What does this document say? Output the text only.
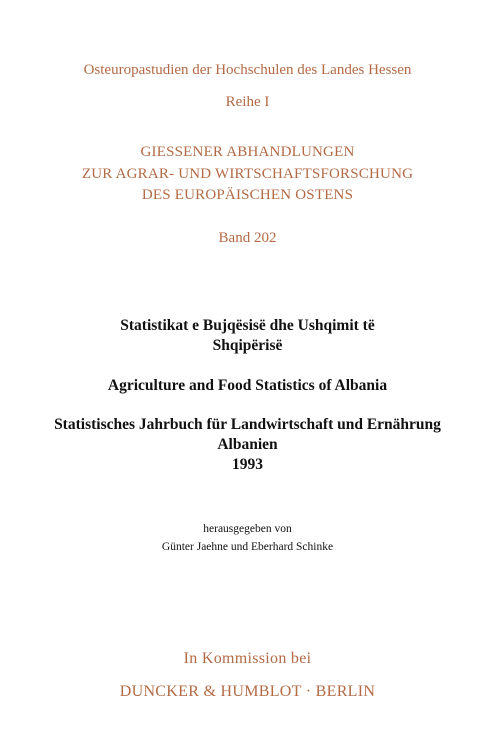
Osteuropastudien der Hochschulen des Landes Hessen
Reihe I
GIESSENER ABHANDLUNGEN
ZUR AGRAR- UND WIRTSCHAFTSFORSCHUNG
DES EUROPÄISCHEN OSTENS
Band 202
Statistikat e Bujqësisë dhe Ushqimit të
Shqipërisë
Agriculture and Food Statistics of Albania
Statistisches Jahrbuch für Landwirtschaft und Ernährung
Albanien
1993
herausgegeben von
Günter Jaehne und Eberhard Schinke
In Kommission bei
DUNCKER & HUMBLOT · BERLIN
